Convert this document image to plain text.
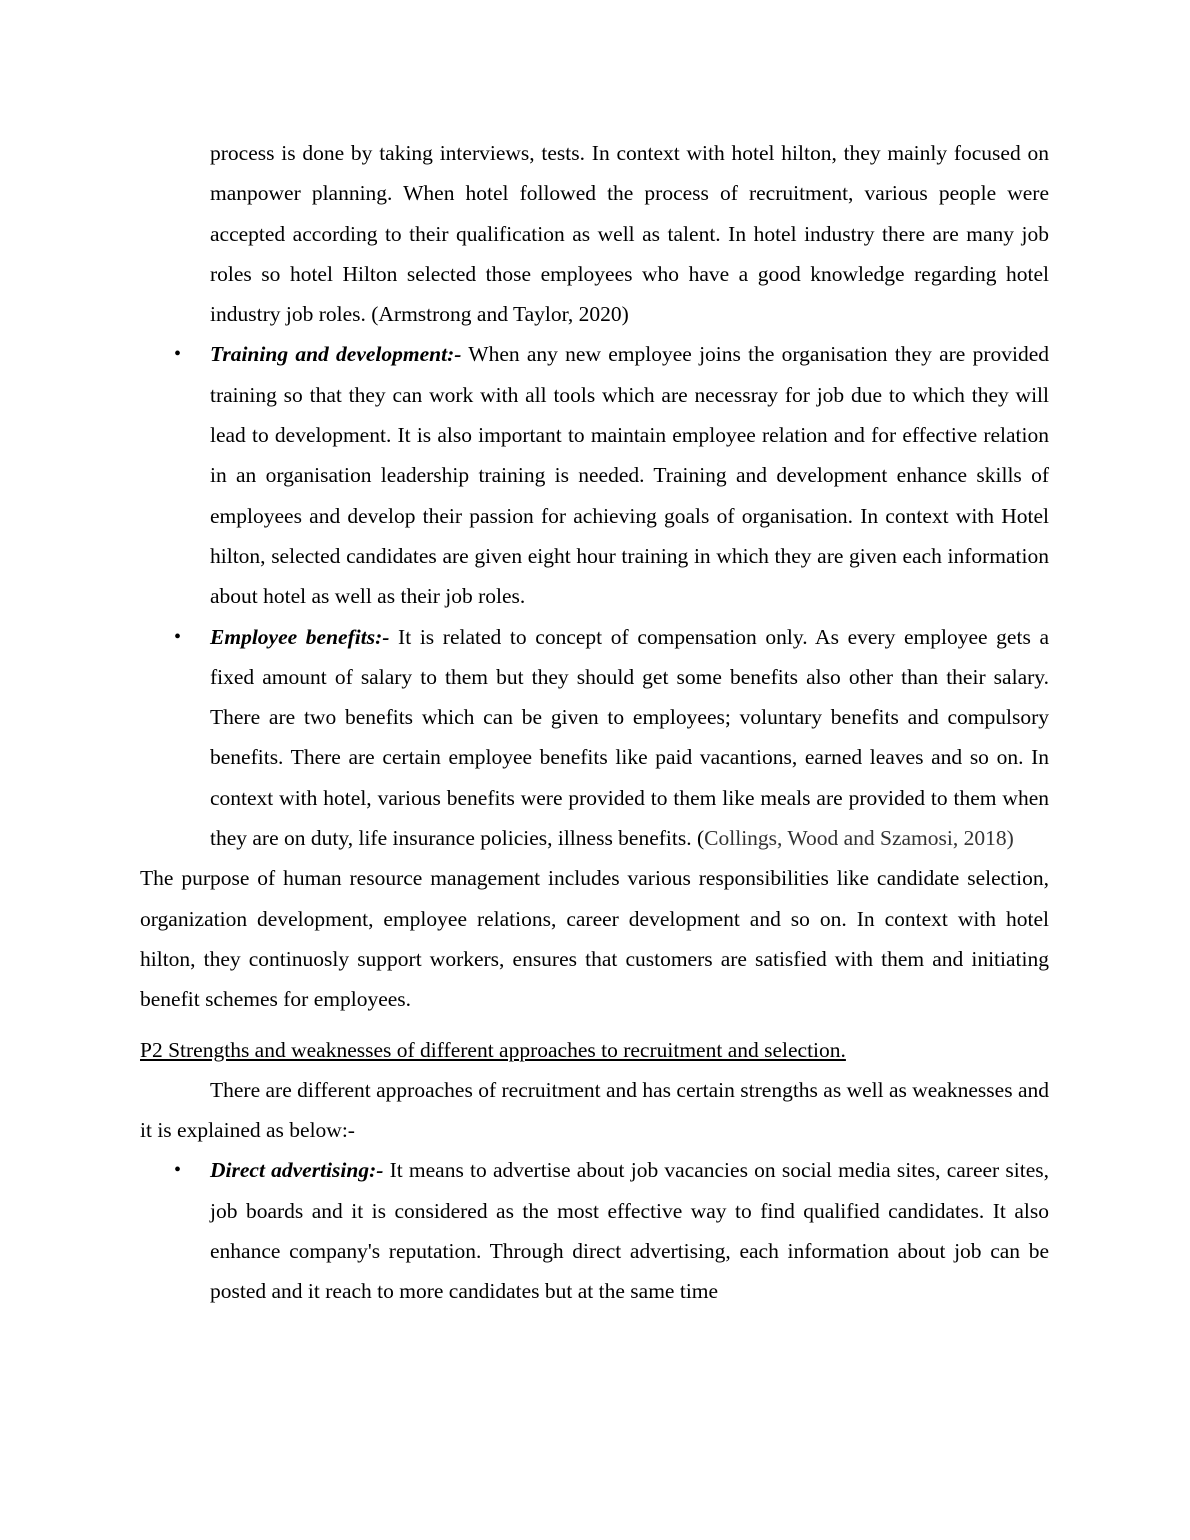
process is done by taking interviews, tests. In context with hotel hilton, they mainly focused on manpower planning. When hotel followed the process of recruitment, various people were accepted according to their qualification as well as talent. In hotel industry there are many job roles so hotel Hilton selected those employees who have a good knowledge regarding hotel industry job roles. (Armstrong and Taylor, 2020)

• Training and development:- When any new employee joins the organisation they are provided training so that they can work with all tools which are necessray for job due to which they will lead to development. It is also important to maintain employee relation and for effective relation in an organisation leadership training is needed. Training and development enhance skills of employees and develop their passion for achieving goals of organisation. In context with Hotel hilton, selected candidates are given eight hour training in which they are given each information about hotel as well as their job roles.

• Employee benefits:- It is related to concept of compensation only. As every employee gets a fixed amount of salary to them but they should get some benefits also other than their salary. There are two benefits which can be given to employees; voluntary benefits and compulsory benefits. There are certain employee benefits like paid vacantions, earned leaves and so on. In context with hotel, various benefits were provided to them like meals are provided to them when they are on duty, life insurance policies, illness benefits. (Collings, Wood and Szamosi, 2018)

The purpose of human resource management includes various responsibilities like candidate selection, organization development, employee relations, career development and so on. In context with hotel hilton, they continuosly support workers, ensures that customers are satisfied with them and initiating benefit schemes for employees.

P2 Strengths and weaknesses of different approaches to recruitment and selection.

There are different approaches of recruitment and has certain strengths as well as weaknesses and it is explained as below:-

• Direct advertising:- It means to advertise about job vacancies on social media sites, career sites, job boards and it is considered as the most effective way to find qualified candidates. It also enhance company's reputation. Through direct advertising, each information about job can be posted and it reach to more candidates but at the same time
